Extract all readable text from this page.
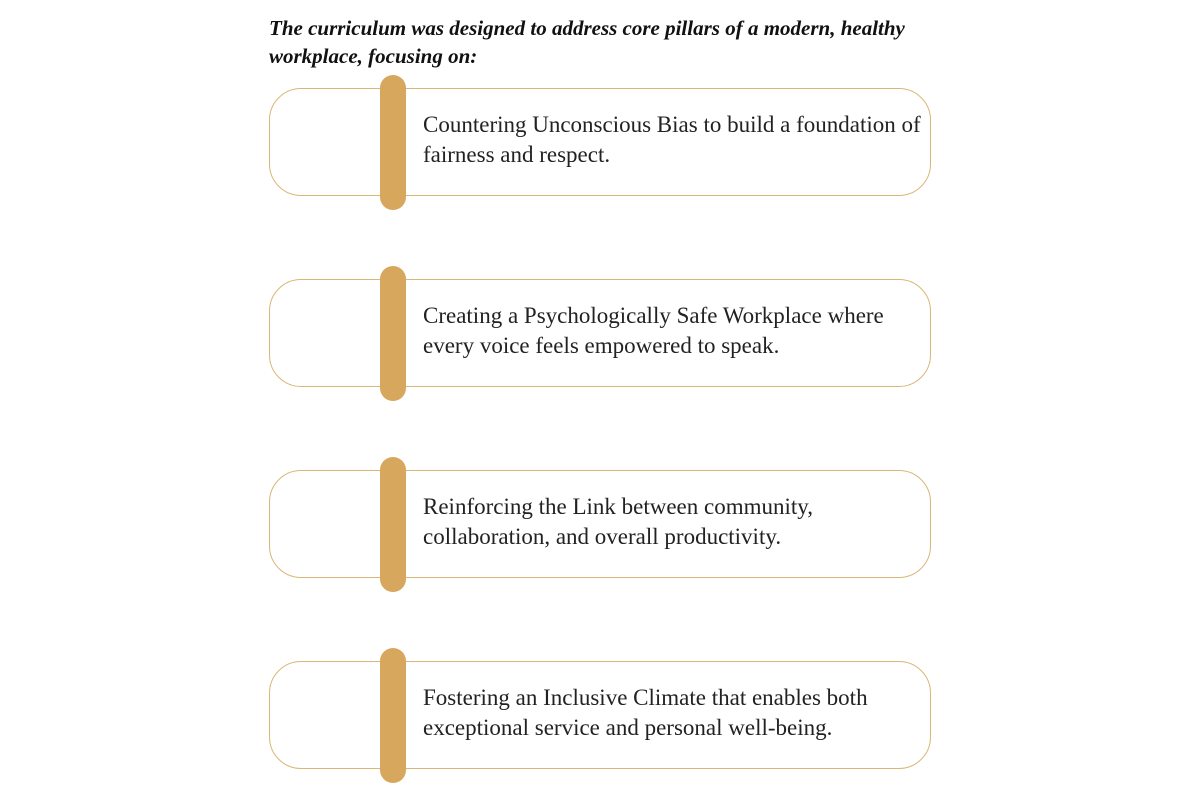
The curriculum was designed to address core pillars of a modern, healthy workplace, focusing on:
Countering Unconscious Bias to build a foundation of fairness and respect.
Creating a Psychologically Safe Workplace where every voice feels empowered to speak.
Reinforcing the Link between community, collaboration, and overall productivity.
Fostering an Inclusive Climate that enables both exceptional service and personal well-being.
